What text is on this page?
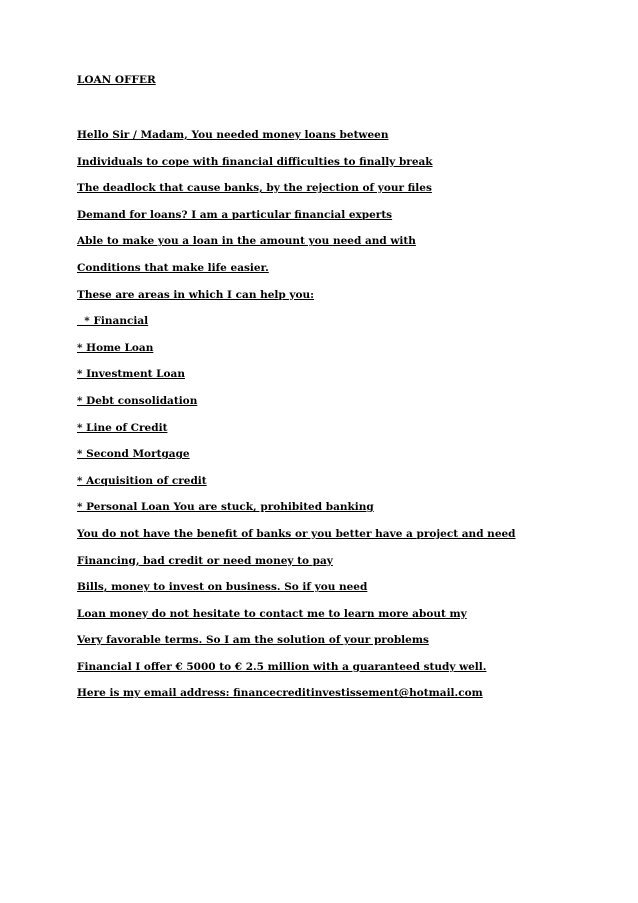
LOAN OFFER
Hello Sir / Madam, You needed money loans between
Individuals to cope with financial difficulties to finally break
The deadlock that cause banks, by the rejection of your files
Demand for loans? I am a particular financial experts
Able to make you a loan in the amount you need and with
Conditions that make life easier.
These are areas in which I can help you:
* Financial
* Home Loan
* Investment Loan
* Debt consolidation
* Line of Credit
* Second Mortgage
* Acquisition of credit
* Personal Loan You are stuck, prohibited banking
You do not have the benefit of banks or you better have a project and need
Financing, bad credit or need money to pay
Bills, money to invest on business. So if you need
Loan money do not hesitate to contact me to learn more about my
Very favorable terms. So I am the solution of your problems
Financial I offer € 5000 to € 2.5 million with a guaranteed study well.
Here is my email address: financecreditinvestissement@hotmail.com
